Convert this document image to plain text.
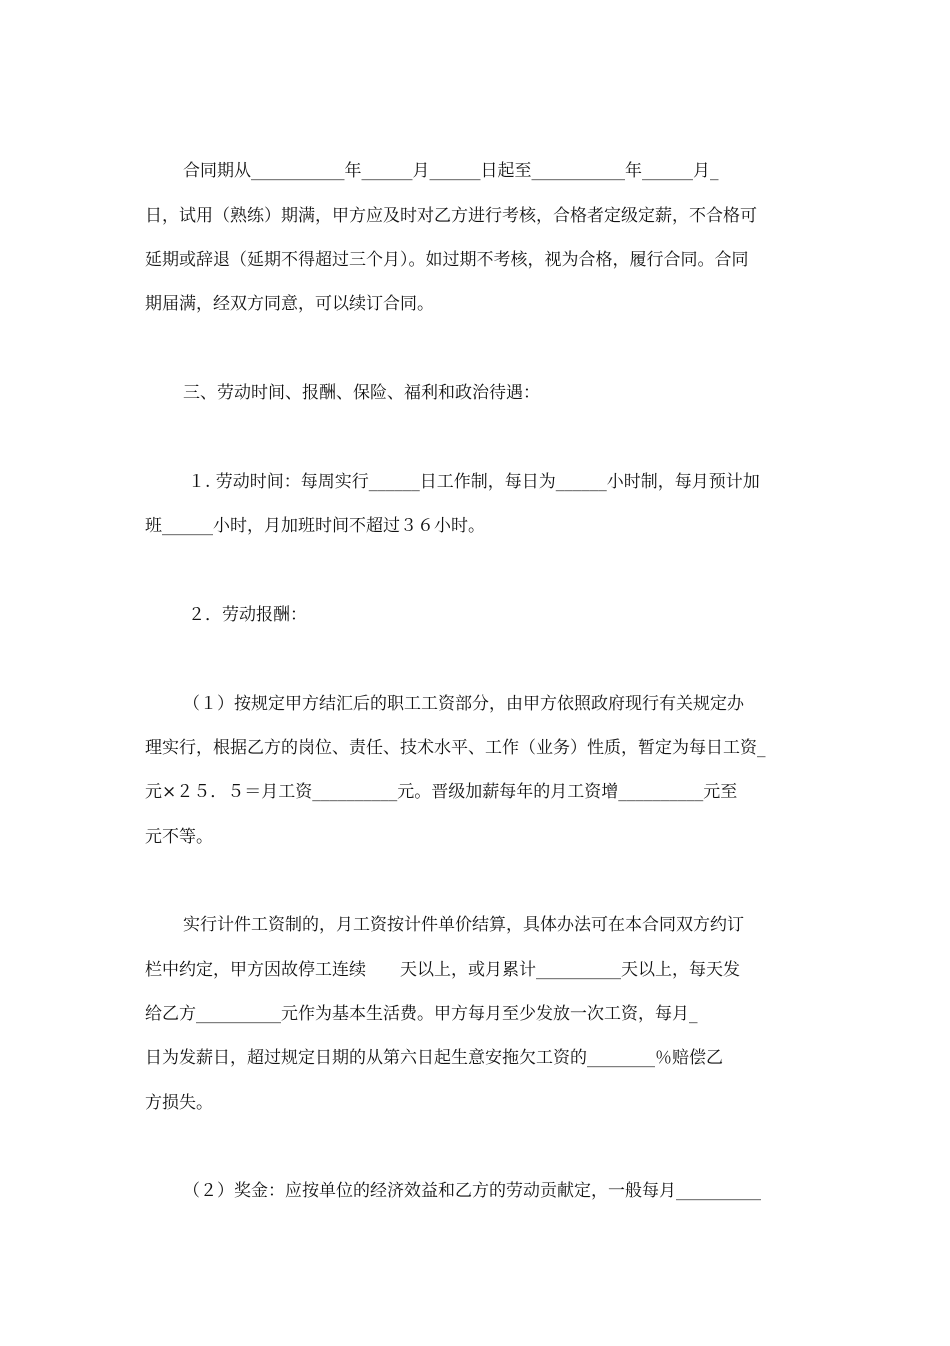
合同期从___________年______月______日起至___________年______月_
日，试用（熟练）期满，甲方应及时对乙方进行考核，合格者定级定薪，不合格可
延期或辞退（延期不得超过三个月）。如过期不考核，视为合格，履行合同。合同
期届满，经双方同意，可以续订合同。
三、劳动时间、报酬、保险、福利和政治待遇：
１. 劳动时间：每周实行______日工作制，每日为______小时制，每月预计加
班______小时，月加班时间不超过３６小时。
２．劳动报酬：
（１）按规定甲方结汇后的职工工资部分，由甲方依照政府现行有关规定办
理实行，根据乙方的岗位、责任、技术水平、工作（业务）性质，暂定为每日工资_
元×２５．５＝月工资__________元。晋级加薪每年的月工资增__________元至
元不等。
实行计件工资制的，月工资按计件单价结算，具体办法可在本合同双方约订
栏中约定，甲方因故停工连续　　天以上，或月累计__________天以上，每天发
给乙方__________元作为基本生活费。甲方每月至少发放一次工资，每月_
日为发薪日，超过规定日期的从第六日起生意安拖欠工资的________％赔偿乙
方损失。
（２）奖金：应按单位的经济效益和乙方的劳动贡献定，一般每月__________
